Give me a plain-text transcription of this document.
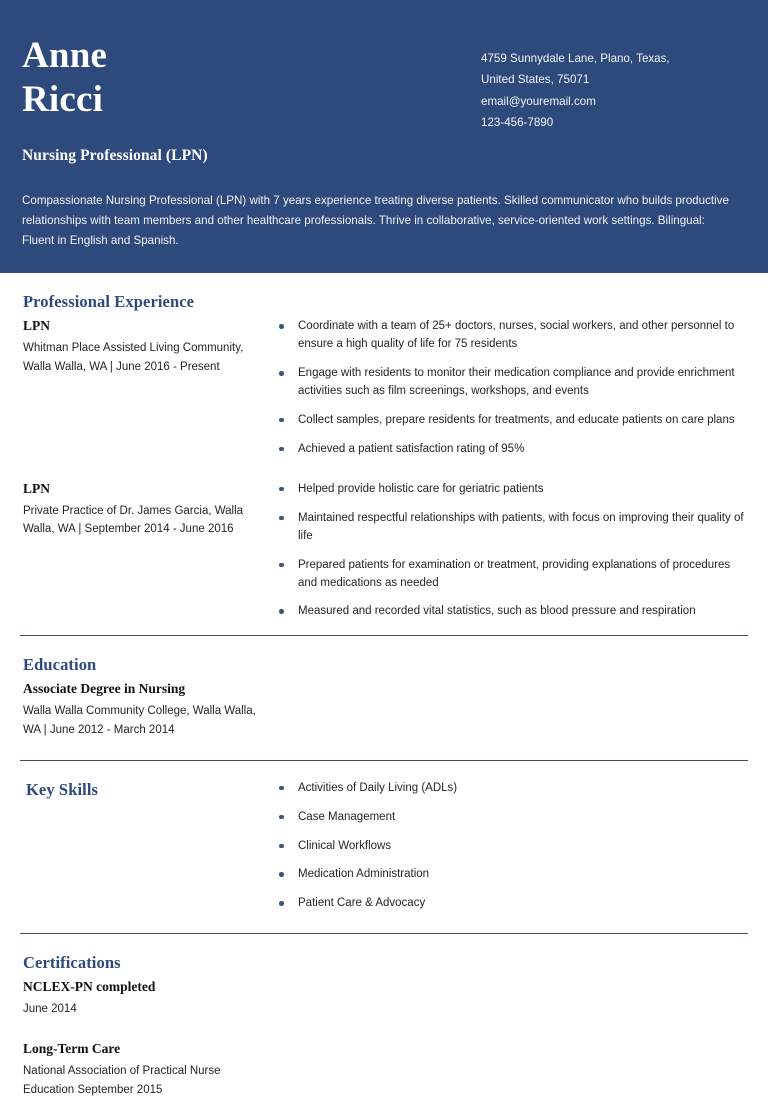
Anne
Ricci
Nursing Professional (LPN)
4759 Sunnydale Lane, Plano, Texas,
United States, 75071
email@youremail.com
123-456-7890
Compassionate Nursing Professional (LPN) with 7 years experience treating diverse patients. Skilled communicator who builds productive relationships with team members and other healthcare professionals. Thrive in collaborative, service-oriented work settings. Bilingual: Fluent in English and Spanish.
Professional Experience
LPN
Whitman Place Assisted Living Community, Walla Walla, WA | June 2016 - Present
Coordinate with a team of 25+ doctors, nurses, social workers, and other personnel to ensure a high quality of life for 75 residents
Engage with residents to monitor their medication compliance and provide enrichment activities such as film screenings, workshops, and events
Collect samples, prepare residents for treatments, and educate patients on care plans
Achieved a patient satisfaction rating of 95%
LPN
Private Practice of Dr. James Garcia, Walla Walla, WA | September 2014 - June 2016
Helped provide holistic care for geriatric patients
Maintained respectful relationships with patients, with focus on improving their quality of life
Prepared patients for examination or treatment, providing explanations of procedures and medications as needed
Measured and recorded vital statistics, such as blood pressure and respiration
Education
Associate Degree in Nursing
Walla Walla Community College, Walla Walla, WA | June 2012 - March 2014
Key Skills	Activities of Daily Living (ADLs)
Case Management
Clinical Workflows
Medication Administration
Patient Care & Advocacy
Certifications
NCLEX-PN completed
June 2014
Long-Term Care
National Association of Practical Nurse Education September 2015
